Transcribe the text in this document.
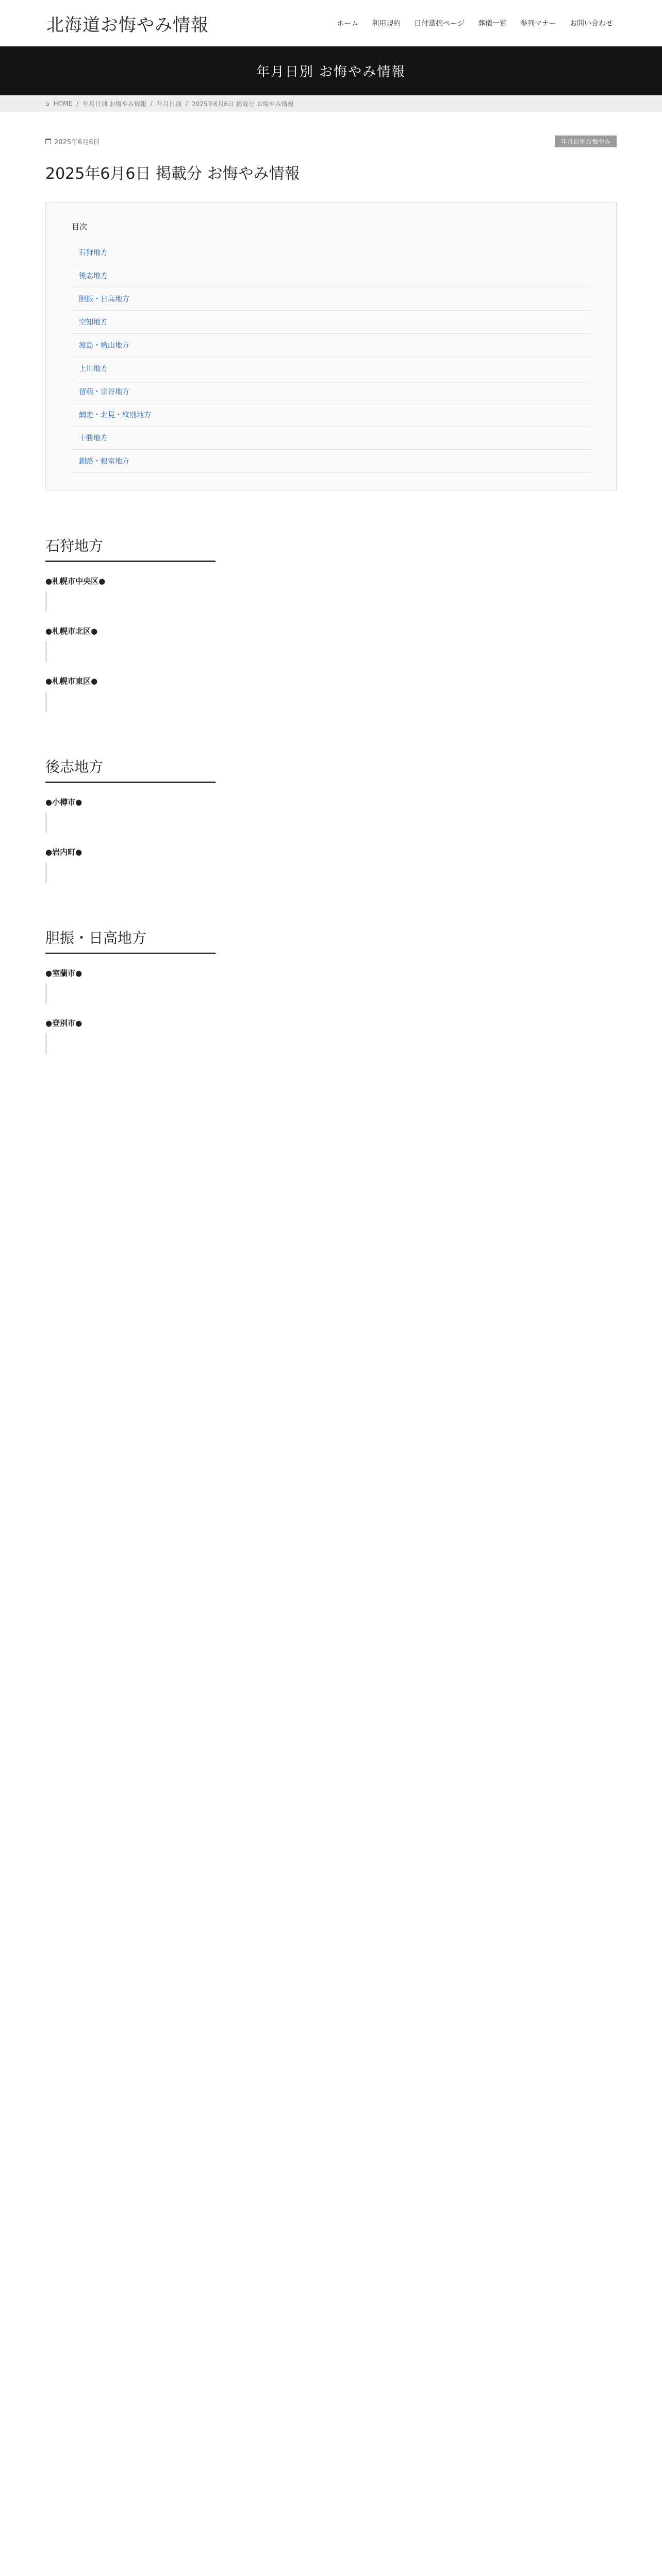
北海道お悔やみ情報	ホーム 利用規約 日付選択ページ 葬儀一覧 参列マナー お問い合わせ
年月日別 お悔やみ情報
⌂ HOME / 年月日別 お悔やみ情報 / 年月日別 / 2025年6月6日 掲載分 お悔やみ情報
2025年6月6日	年月日別お悔やみ
2025年6月6日 掲載分 お悔やみ情報
目次
石狩地方
後志地方
胆振・日高地方
空知地方
渡島・檜山地方
上川地方
留萌・宗谷地方
網走・北見・紋別地方
十勝地方
釧路・根室地方
石狩地方
●札幌市中央区●
●札幌市北区●
●札幌市東区●
後志地方
●小樽市●
●岩内町●
胆振・日高地方
●室蘭市●
●登別市●
